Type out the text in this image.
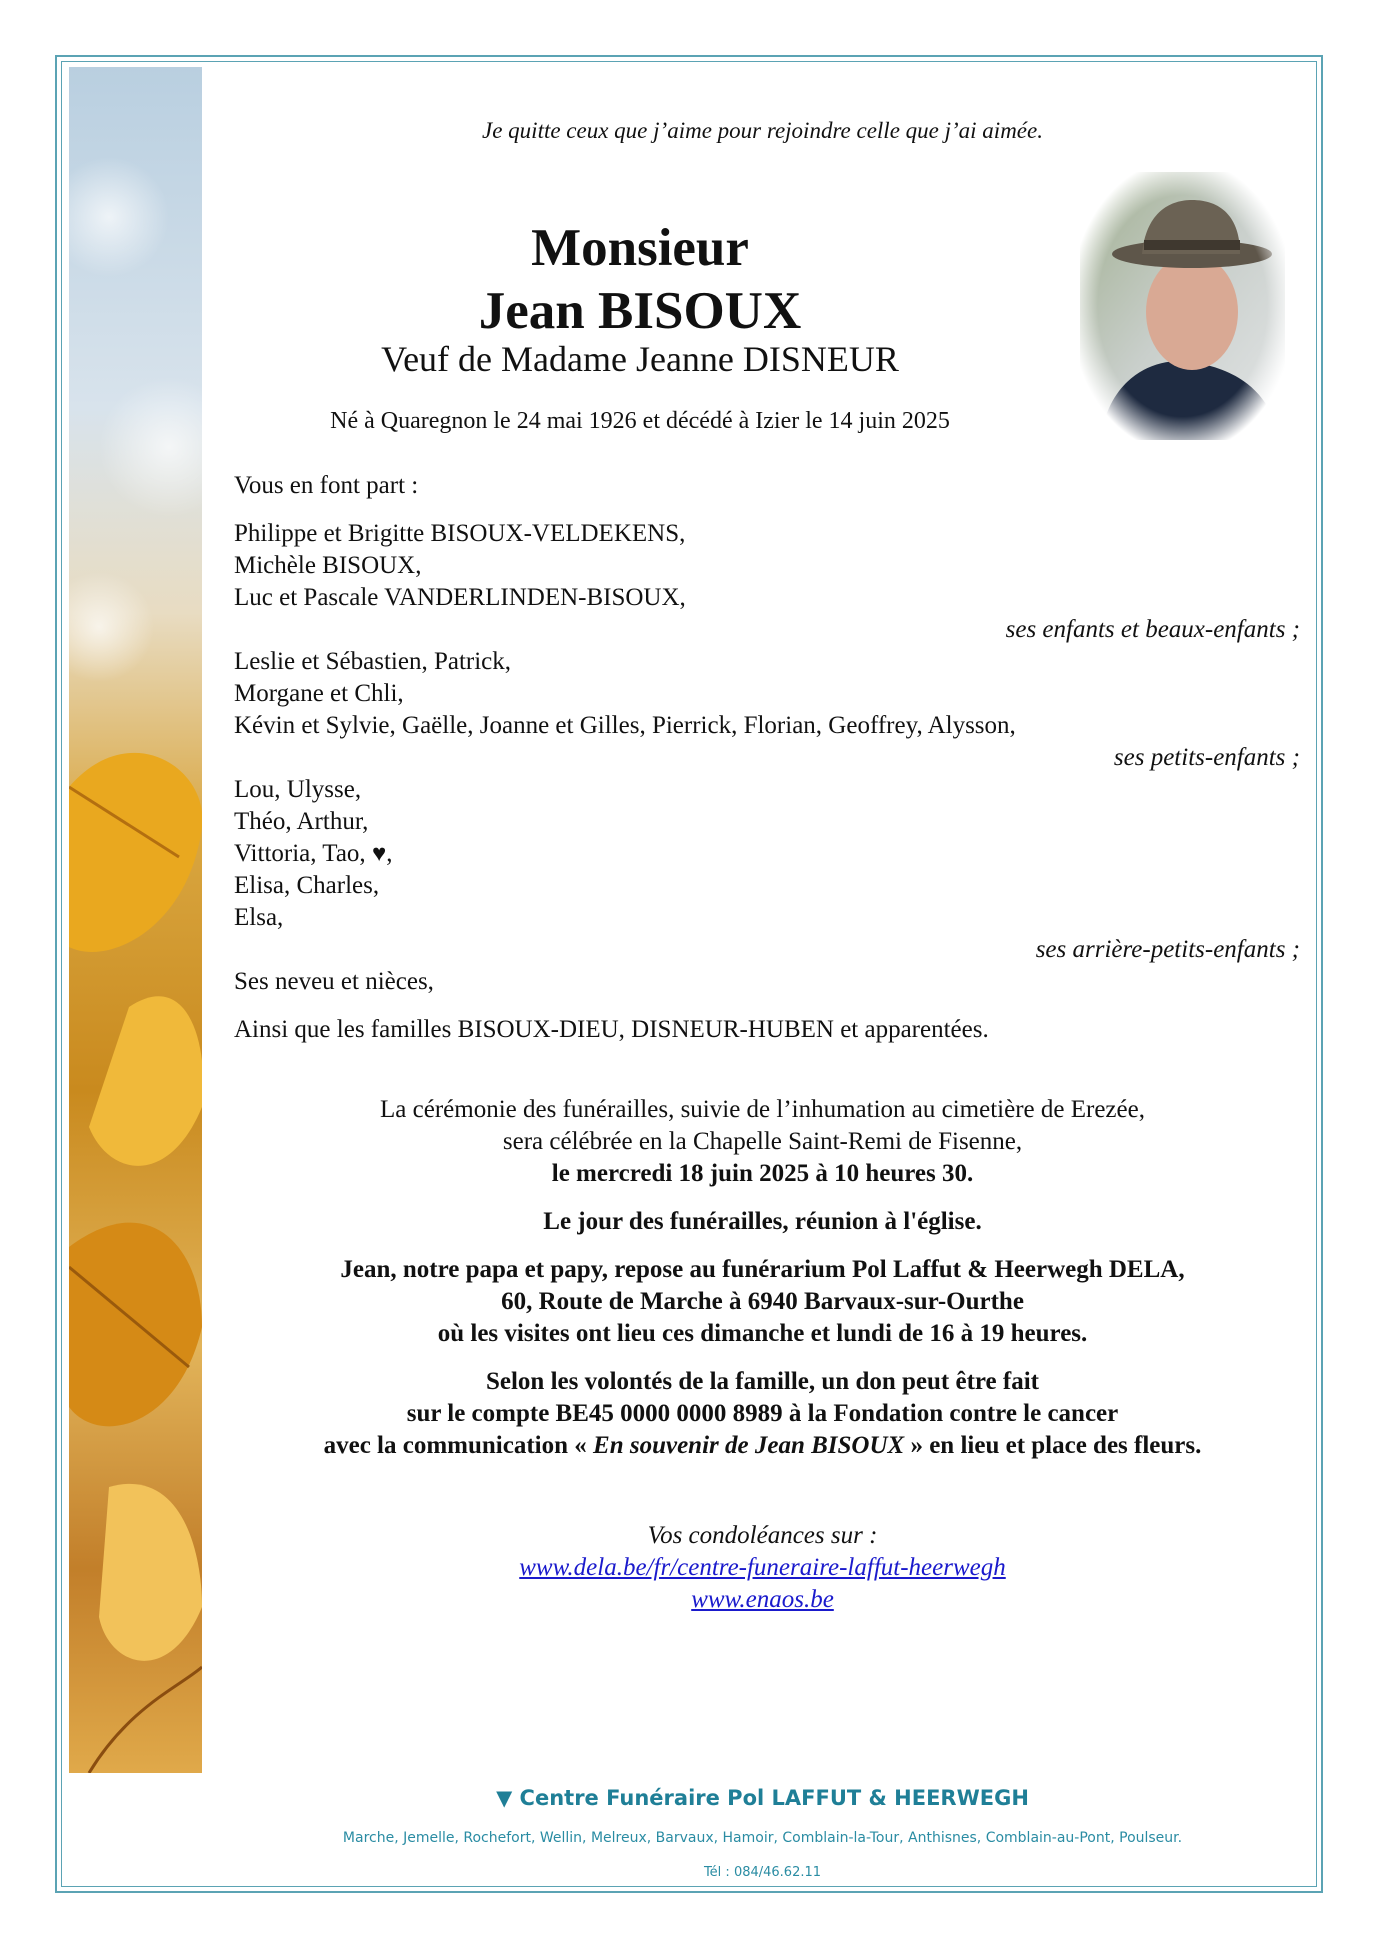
Je quitte ceux que j’aime pour rejoindre celle que j’ai aimée.
Monsieur
Jean BISOUX
Veuf de Madame Jeanne DISNEUR
Né à Quaregnon le 24 mai 1926 et décédé à Izier le 14 juin 2025
Vous en font part :
Philippe et Brigitte BISOUX-VELDEKENS,
Michèle BISOUX,
Luc et Pascale VANDERLINDEN-BISOUX,
ses enfants et beaux-enfants ;
Leslie et Sébastien, Patrick,
Morgane et Chli,
Kévin et Sylvie, Gaëlle, Joanne et Gilles, Pierrick, Florian, Geoffrey, Alysson,
ses petits-enfants ;
Lou, Ulysse,
Théo, Arthur,
Vittoria, Tao, ♥,
Elisa, Charles,
Elsa,
ses arrière-petits-enfants ;
Ses neveu et nièces,
Ainsi que les familles BISOUX-DIEU, DISNEUR-HUBEN et apparentées.
La cérémonie des funérailles, suivie de l’inhumation au cimetière de Erezée,
sera célébrée en la Chapelle Saint-Remi de Fisenne,
le mercredi 18 juin 2025 à 10 heures 30.
Le jour des funérailles, réunion à l'église.
Jean, notre papa et papy, repose au funérarium Pol Laffut & Heerwegh DELA,
60, Route de Marche à 6940 Barvaux-sur-Ourthe
où les visites ont lieu ces dimanche et lundi de 16 à 19 heures.
Selon les volontés de la famille, un don peut être fait
sur le compte BE45 0000 0000 8989 à la Fondation contre le cancer
avec la communication « En souvenir de Jean BISOUX » en lieu et place des fleurs.
Vos condoléances sur :
www.dela.be/fr/centre-funeraire-laffut-heerwegh
www.enaos.be
▼ Centre Funéraire Pol LAFFUT & HEERWEGH
Marche, Jemelle, Rochefort, Wellin, Melreux, Barvaux, Hamoir, Comblain-la-Tour, Anthisnes, Comblain-au-Pont, Poulseur.
Tél : 084/46.62.11
